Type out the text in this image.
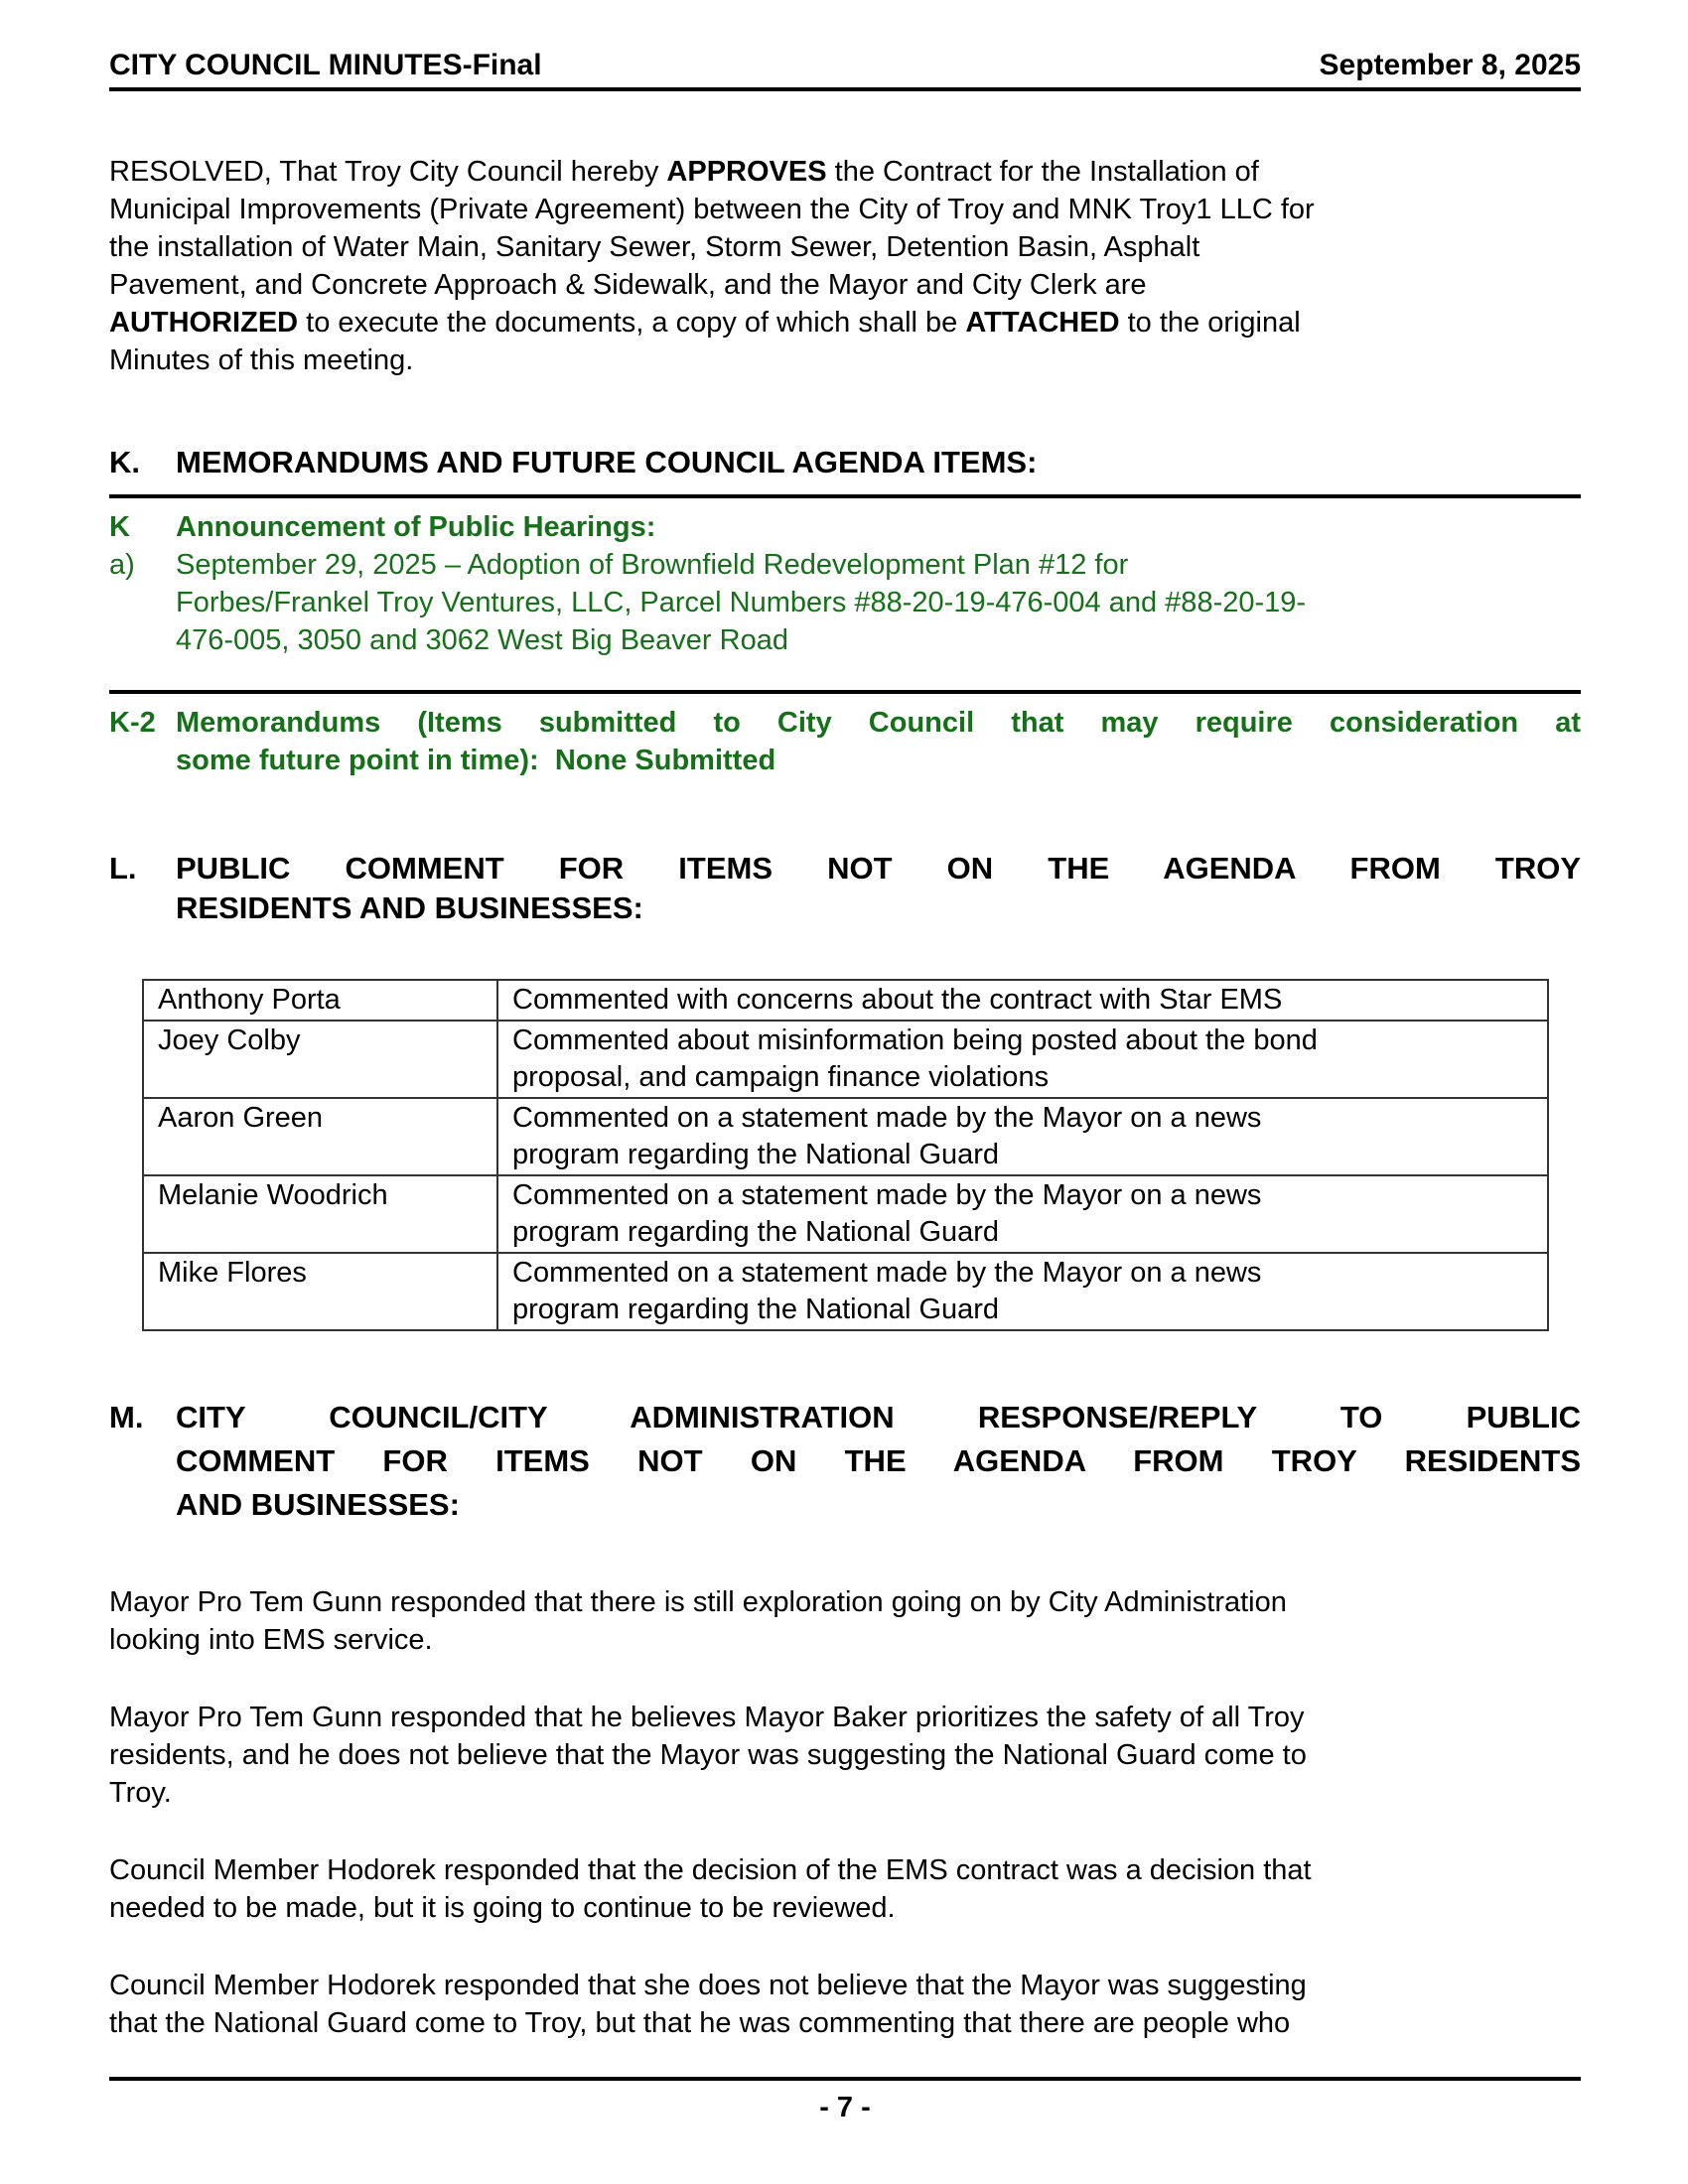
CITY COUNCIL MINUTES-Final	September 8, 2025
RESOLVED, That Troy City Council hereby APPROVES the Contract for the Installation of
Municipal Improvements (Private Agreement) between the City of Troy and MNK Troy1 LLC for
the installation of Water Main, Sanitary Sewer, Storm Sewer, Detention Basin, Asphalt
Pavement, and Concrete Approach & Sidewalk, and the Mayor and City Clerk are
AUTHORIZED to execute the documents, a copy of which shall be ATTACHED to the original
Minutes of this meeting.
K.	MEMORANDUMS AND FUTURE COUNCIL AGENDA ITEMS:
K	Announcement of Public Hearings:
a)	September 29, 2025 – Adoption of Brownfield Redevelopment Plan #12 for
Forbes/Frankel Troy Ventures, LLC, Parcel Numbers #88-20-19-476-004 and #88-20-19-
476-005, 3050 and 3062 West Big Beaver Road
K-2 Memorandums (Items submitted to City Council that may require consideration at
some future point in time):  None Submitted
L.	PUBLIC COMMENT FOR ITEMS NOT ON THE AGENDA FROM TROY
RESIDENTS AND BUSINESSES:
Anthony Porta	Commented with concerns about the contract with Star EMS

Joey Colby	Commented about misinformation being posted about the bond
proposal, and campaign finance violations

Aaron Green	Commented on a statement made by the Mayor on a news
program regarding the National Guard

Melanie Woodrich	Commented on a statement made by the Mayor on a news
program regarding the National Guard

Mike Flores	Commented on a statement made by the Mayor on a news
program regarding the National Guard
M.	CITY COUNCIL/CITY ADMINISTRATION RESPONSE/REPLY TO PUBLIC
COMMENT FOR ITEMS NOT ON THE AGENDA FROM TROY RESIDENTS
AND BUSINESSES:
Mayor Pro Tem Gunn responded that there is still exploration going on by City Administration
looking into EMS service.
Mayor Pro Tem Gunn responded that he believes Mayor Baker prioritizes the safety of all Troy
residents, and he does not believe that the Mayor was suggesting the National Guard come to
Troy.
Council Member Hodorek responded that the decision of the EMS contract was a decision that
needed to be made, but it is going to continue to be reviewed.
Council Member Hodorek responded that she does not believe that the Mayor was suggesting
that the National Guard come to Troy, but that he was commenting that there are people who
- 7 -
